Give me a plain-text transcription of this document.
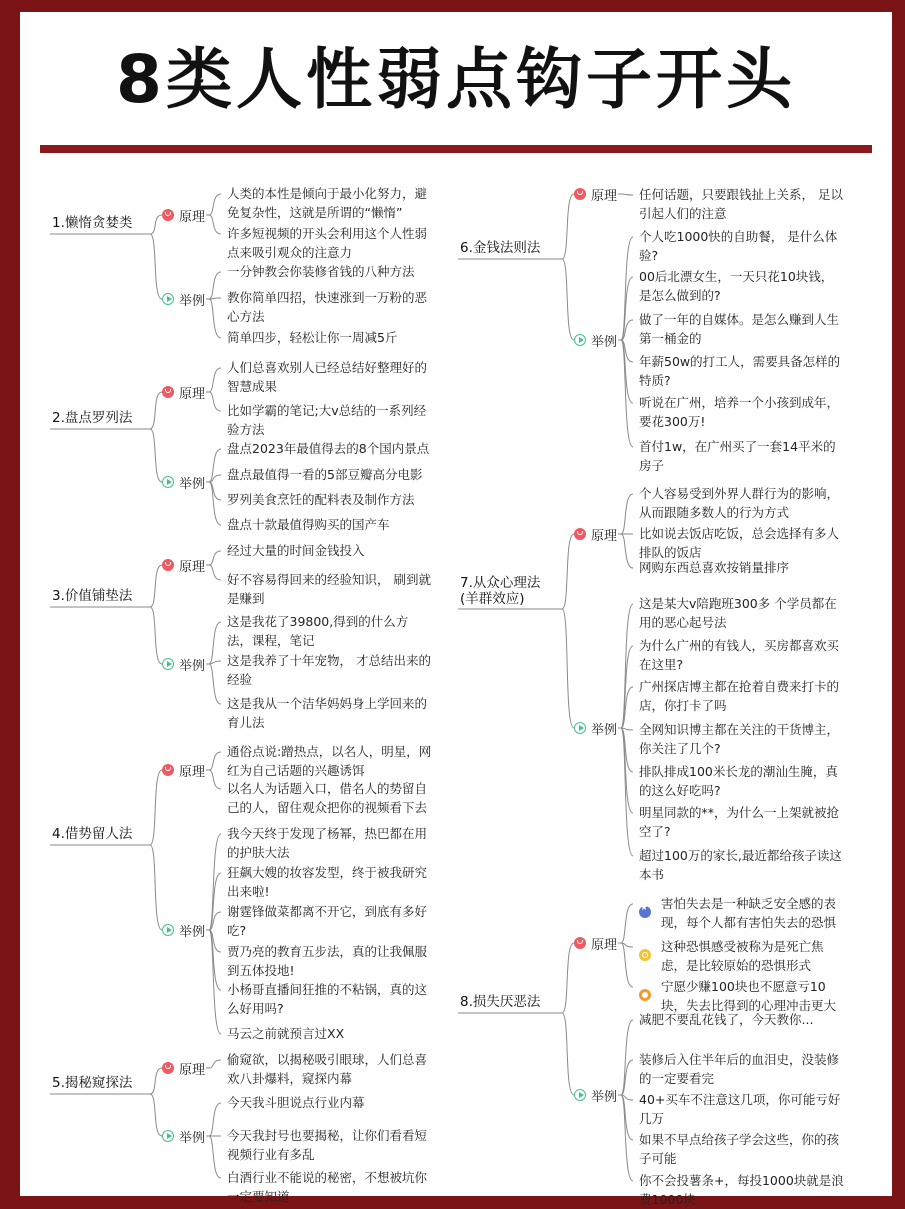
8类人性弱点钩子开头
1.懒惰贪婪类	原理
人类的本性是倾向于最小化努力，避免复杂性，这就是所谓的“懒惰”
许多短视频的开头会利用这个人性弱点来吸引观众的注意力
举例
一分钟教会你装修省钱的八种方法
教你简单四招，快速涨到一万粉的恶心方法
简单四步，轻松让你一周减5斤
2.盘点罗列法
原理
人们总喜欢别人已经总结好整理好的智慧成果
比如学霸的笔记;大v总结的一系列经验方法
举例
盘点2023年最值得去的8个国内景点
盘点最值得一看的5部豆瓣高分电影
罗列美食烹饪的配料表及制作方法
盘点十款最值得购买的国产车
3.价值铺垫法
原理
经过大量的时间金钱投入
好不容易得回来的经验知识， 刷到就是赚到
举例
这是我花了39800,得到的什么方法，课程，笔记
这是我养了十年宠物， 才总结出来的经验
这是我从一个洁华妈妈身上学回来的育儿法
4.借势留人法
原理
通俗点说:蹭热点，以名人，明星，网红为自己话题的兴趣诱饵
以名人为话题入口，借名人的势留自己的人，留住观众把你的视频看下去
举例
我今天终于发现了杨幂，热巴都在用的护肤大法
狂飙大嫂的妆容发型，终于被我研究出来啦!
谢霆锋做菜都离不开它，到底有多好吃?
贾乃亮的教育五步法，真的让我佩服到五体投地!
小杨哥直播间狂推的不粘锅，真的这么好用吗?
马云之前就预言过XX
5.揭秘窥探法
原理
偷窥欲，以揭秘吸引眼球，人们总喜欢八卦爆料，窥探内幕
举例
今天我斗胆说点行业内幕
今天我封号也要揭秘，让你们看看短视频行业有多乱
白酒行业不能说的秘密，不想被坑你一定要知道
6.金钱法则法
原理 任何话题，只要跟钱扯上关系， 足以引起人们的注意
举例
个人吃1000快的自助餐， 是什么体验?
00后北漂女生，一天只花10块钱，是怎么做到的?
做了一年的自媒体。是怎么赚到人生第一桶金的
年薪50w的打工人，需要具备怎样的特质?
听说在广州，培养一个小孩到成年，要花300万!
首付1w，在广州买了一套14平米的房子
7.从众心理法
(羊群效应)
原理
个人容易受到外界人群行为的影响，从而跟随多数人的行为方式
比如说去饭店吃饭，总会选择有多人排队的饭店
网购东西总喜欢按销量排序
举例
这是某大v陪跑班300多 个学员都在用的恶心起号法
为什么广州的有钱人，买房都喜欢买在这里?
广州探店博主都在抢着自费来打卡的店，你打卡了吗
全网知识博主都在关注的干货博主，你关注了几个?
排队排成100米长龙的潮汕生腌，真的这么好吃吗?
明星同款的**，为什么一上架就被抢空了?
超过100万的家长,最近都给孩子读这本书
8.损失厌恶法
原理
★
害怕失去是一种缺乏安全感的表现，每个人都有害怕失去的恐惧
这种恐惧感受被称为是死亡焦虑，是比较原始的恐惧形式
宁愿少赚100块也不愿意亏10块，失去比得到的心理冲击更大
举例
减肥不要乱花钱了，今天教你...
装修后入住半年后的血泪史，没装修的一定要看完
40+买车不注意这几项，你可能亏好几万
如果不早点给孩子学会这些，你的孩子可能
你不会投薯条+，每投1000块就是浪费1000块
